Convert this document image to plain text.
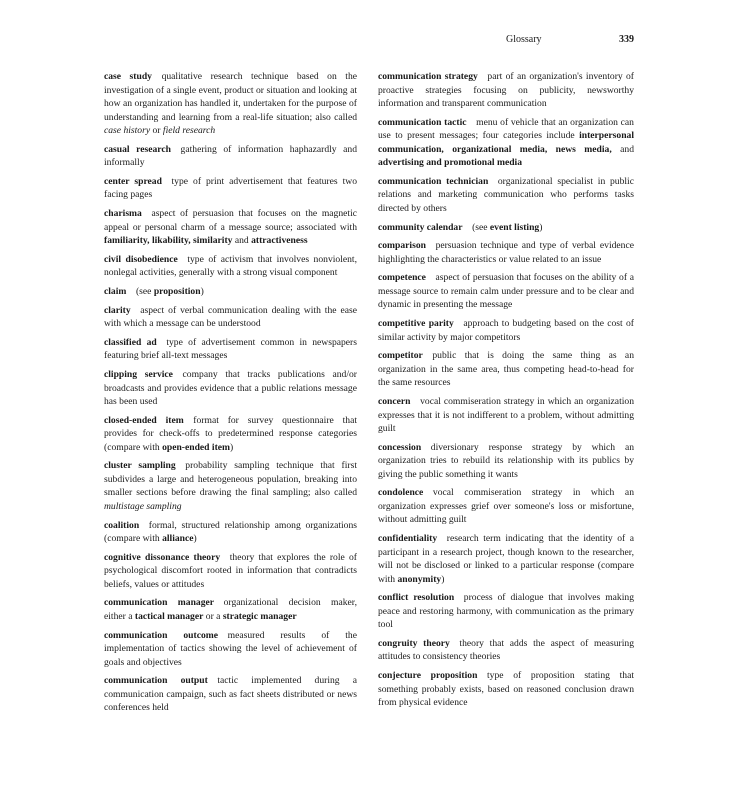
Glossary	339

case study  qualitative research technique based on the investigation of a single event, product or situation and looking at how an organization has handled it, undertaken for the purpose of understanding and learning from a real-life situation; also called case history or field research

casual research  gathering of information haphazardly and informally

center spread  type of print advertisement that features two facing pages

charisma  aspect of persuasion that focuses on the magnetic appeal or personal charm of a message source; associated with familiarity, likability, similarity and attractiveness

civil disobedience  type of activism that involves nonviolent, nonlegal activities, generally with a strong visual component

claim  (see proposition)

clarity  aspect of verbal communication dealing with the ease with which a message can be understood

classified ad  type of advertisement common in newspapers featuring brief all-text messages

clipping service  company that tracks publications and/or broadcasts and provides evidence that a public relations message has been used

closed-ended item  format for survey questionnaire that provides for check-offs to predetermined response categories (compare with open-ended item)

cluster sampling  probability sampling technique that first subdivides a large and heterogeneous population, breaking into smaller sections before drawing the final sampling; also called multistage sampling

coalition  formal, structured relationship among organizations (compare with alliance)

cognitive dissonance theory  theory that explores the role of psychological discomfort rooted in information that contradicts beliefs, values or attitudes

communication manager  organizational decision maker, either a tactical manager or a strategic manager

communication outcome  measured results of the implementation of tactics showing the level of achievement of goals and objectives

communication output  tactic implemented during a communication campaign, such as fact sheets distributed or news conferences held

communication strategy  part of an organization's inventory of proactive strategies focusing on publicity, newsworthy information and transparent communication

communication tactic  menu of vehicle that an organization can use to present messages; four categories include interpersonal communication, organizational media, news media, and advertising and promotional media

communication technician  organizational specialist in public relations and marketing communication who performs tasks directed by others

community calendar  (see event listing)

comparison  persuasion technique and type of verbal evidence highlighting the characteristics or value related to an issue

competence  aspect of persuasion that focuses on the ability of a message source to remain calm under pressure and to be clear and dynamic in presenting the message

competitive parity  approach to budgeting based on the cost of similar activity by major competitors

competitor  public that is doing the same thing as an organization in the same area, thus competing head-to-head for the same resources

concern  vocal commiseration strategy in which an organization expresses that it is not indifferent to a problem, without admitting guilt

concession  diversionary response strategy by which an organization tries to rebuild its relationship with its publics by giving the public something it wants

condolence  vocal commiseration strategy in which an organization expresses grief over someone's loss or misfortune, without admitting guilt

confidentiality  research term indicating that the identity of a participant in a research project, though known to the researcher, will not be disclosed or linked to a particular response (compare with anonymity)

conflict resolution  process of dialogue that involves making peace and restoring harmony, with communication as the primary tool

congruity theory  theory that adds the aspect of measuring attitudes to consistency theories

conjecture proposition  type of proposition stating that something probably exists, based on reasoned conclusion drawn from physical evidence
